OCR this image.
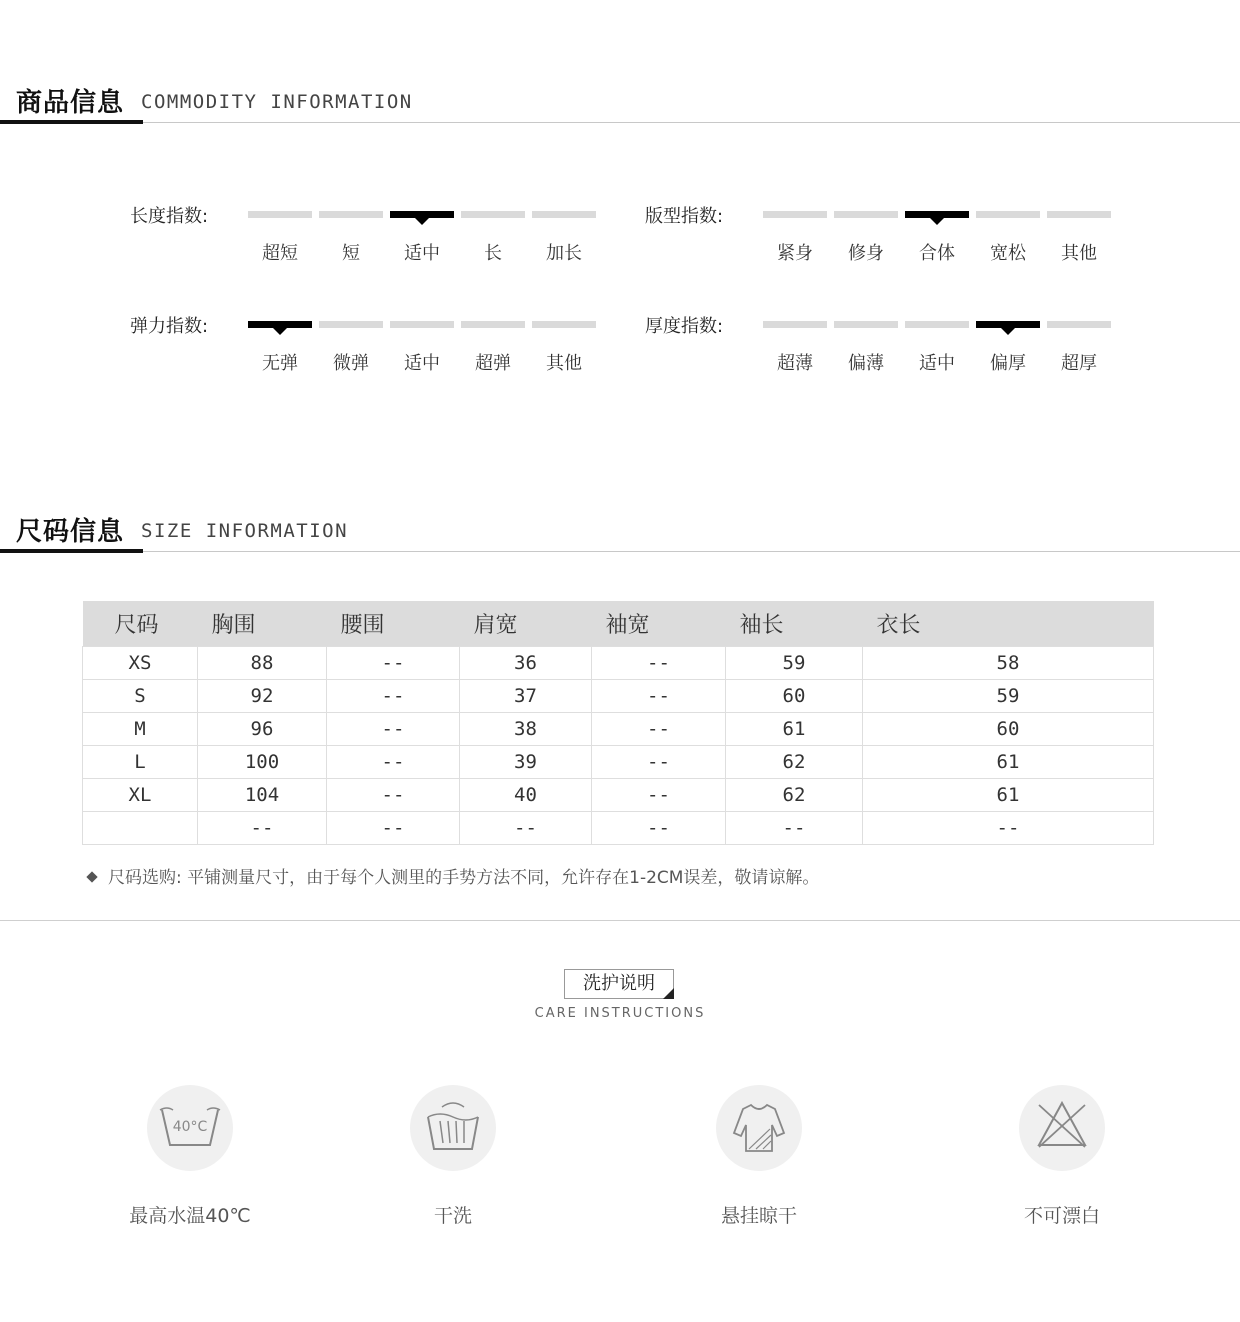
商品信息 COMMODITY INFORMATION
长度指数:
超短	短	适中	长	加长
版型指数:
紧身	修身	合体	宽松	其他
弹力指数:
无弹	微弹	适中	超弹	其他
厚度指数:
超薄	偏薄	适中	偏厚	超厚
尺码信息 SIZE INFORMATION
尺码	胸围	腰围	肩宽	袖宽	袖长	衣长
XS	88	--	36	--	59	58
S	92	--	37	--	60	59
M	96	--	38	--	61	60
L	100	--	39	--	62	61
XL	104	--	40	--	62	61
	--	--	--	--	--	--
尺码选购: 平铺测量尺寸，由于每个人测里的手势方法不同，允许存在1-2CM误差，敬请谅解。
洗护说明
CARE INSTRUCTIONS
40°C
最高水温40℃	干洗	悬挂晾干	不可漂白
